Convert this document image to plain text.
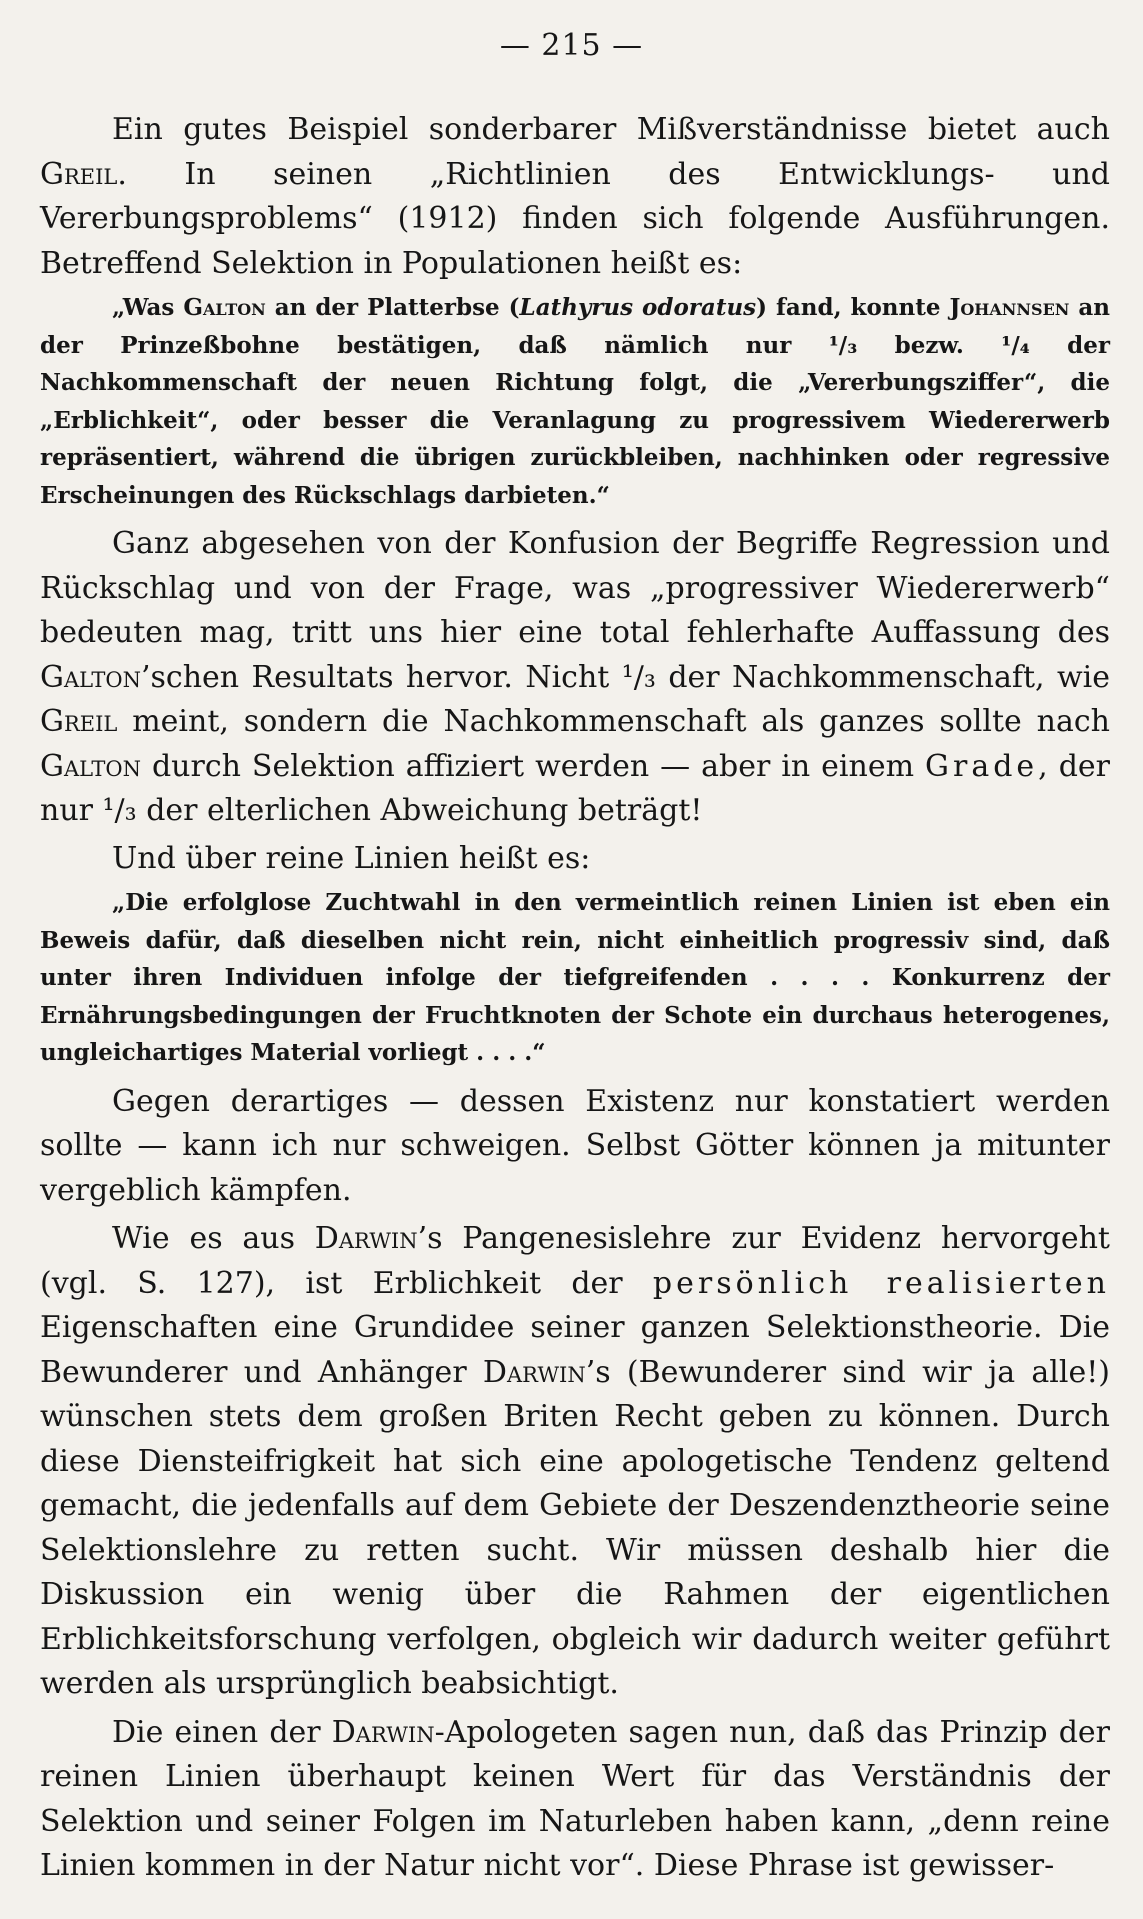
— 215 —

Ein gutes Beispiel sonderbarer Mißverständnisse bietet auch Greil. In seinen „Richtlinien des Entwicklungs- und Vererbungsproblems“ (1912) finden sich folgende Ausführungen. Betreffend Selektion in Populationen heißt es:

„Was Galton an der Platterbse (Lathyrus odoratus) fand, konnte Johannsen an der Prinzeßbohne bestätigen, daß nämlich nur ¹/₃ bezw. ¹/₄ der Nachkommenschaft der neuen Richtung folgt, die „Vererbungsziffer“, die „Erblichkeit“, oder besser die Veranlagung zu progressivem Wiedererwerb repräsentiert, während die übrigen zurückbleiben, nachhinken oder regressive Erscheinungen des Rückschlags darbieten.“

Ganz abgesehen von der Konfusion der Begriffe Regression und Rückschlag und von der Frage, was „progressiver Wiedererwerb“ bedeuten mag, tritt uns hier eine total fehlerhafte Auffassung des Galton’schen Resultats hervor. Nicht ¹/₃ der Nachkommenschaft, wie Greil meint, sondern die Nachkommenschaft als ganzes sollte nach Galton durch Selektion affiziert werden — aber in einem Grade, der nur ¹/₃ der elterlichen Abweichung beträgt!

Und über reine Linien heißt es:

„Die erfolglose Zuchtwahl in den vermeintlich reinen Linien ist eben ein Beweis dafür, daß dieselben nicht rein, nicht einheitlich progressiv sind, daß unter ihren Individuen infolge der tiefgreifenden . . . . Konkurrenz der Ernährungsbedingungen der Fruchtknoten der Schote ein durchaus heterogenes, ungleichartiges Material vorliegt . . . .“

Gegen derartiges — dessen Existenz nur konstatiert werden sollte — kann ich nur schweigen. Selbst Götter können ja mitunter vergeblich kämpfen.

Wie es aus Darwin’s Pangenesislehre zur Evidenz hervorgeht (vgl. S. 127), ist Erblichkeit der persönlich realisierten Eigenschaften eine Grundidee seiner ganzen Selektionstheorie. Die Bewunderer und Anhänger Darwin’s (Bewunderer sind wir ja alle!) wünschen stets dem großen Briten Recht geben zu können. Durch diese Diensteifrigkeit hat sich eine apologetische Tendenz geltend gemacht, die jedenfalls auf dem Gebiete der Deszendenztheorie seine Selektionslehre zu retten sucht. Wir müssen deshalb hier die Diskussion ein wenig über die Rahmen der eigentlichen Erblichkeitsforschung verfolgen, obgleich wir dadurch weiter geführt werden als ursprünglich beabsichtigt.

Die einen der Darwin-Apologeten sagen nun, daß das Prinzip der reinen Linien überhaupt keinen Wert für das Verständnis der Selektion und seiner Folgen im Naturleben haben kann, „denn reine Linien kommen in der Natur nicht vor“. Diese Phrase ist gewisser-
